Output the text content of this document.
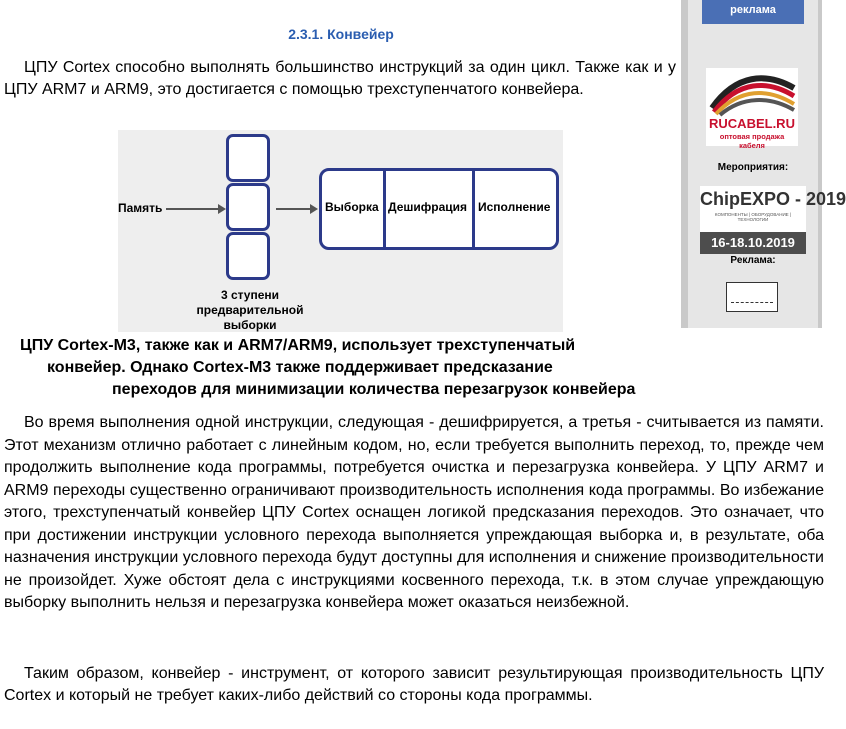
2.3.1. Конвейер

ЦПУ Cortex способно выполнять большинство инструкций за один цикл. Также как и у ЦПУ ARM7 и ARM9, это достигается с помощью трехступенчатого конвейера.

Память	Выборка Дешифрация Исполнение
3 ступени предварительной выборки
ЦПУ Cortex-M3, также как и ARM7/ARM9, использует трехступенчатый
конвейер. Однако Cortex-M3 также поддерживает предсказание
переходов для минимизации количества перезагрузок конвейера

Во время выполнения одной инструкции, следующая - дешифрируется, а третья - считывается из памяти. Этот механизм отлично работает с линейным кодом, но, если требуется выполнить переход, то, прежде чем продолжить выполнение кода программы, потребуется очистка и перезагрузка конвейера. У ЦПУ ARM7 и ARM9 переходы существенно ограничивают производительность исполнения кода программы. Во избежание этого, трехступенчатый конвейер ЦПУ Cortex оснащен логикой предсказания переходов. Это означает, что при достижении инструкции условного перехода выполняется упреждающая выборка и, в результате, оба назначения инструкции условного перехода будут доступны для исполнения и снижение производительности не произойдет. Хуже обстоят дела с инструкциями косвенного перехода, т.к. в этом случае упреждающую выборку выполнить нельзя и перезагрузка конвейера может оказаться неизбежной.

Таким образом, конвейер - инструмент, от которого зависит результирующая производительность ЦПУ Cortex и который не требует каких-либо действий со стороны кода программы.

реклама
RUCABEL.RU
оптовая продажа кабеля
Мероприятия:
ChipEXPO - 2019
КОМПОНЕНТЫ | ОБОРУДОВАНИЕ | ТЕХНОЛОГИИ
16-18.10.2019
Реклама:
